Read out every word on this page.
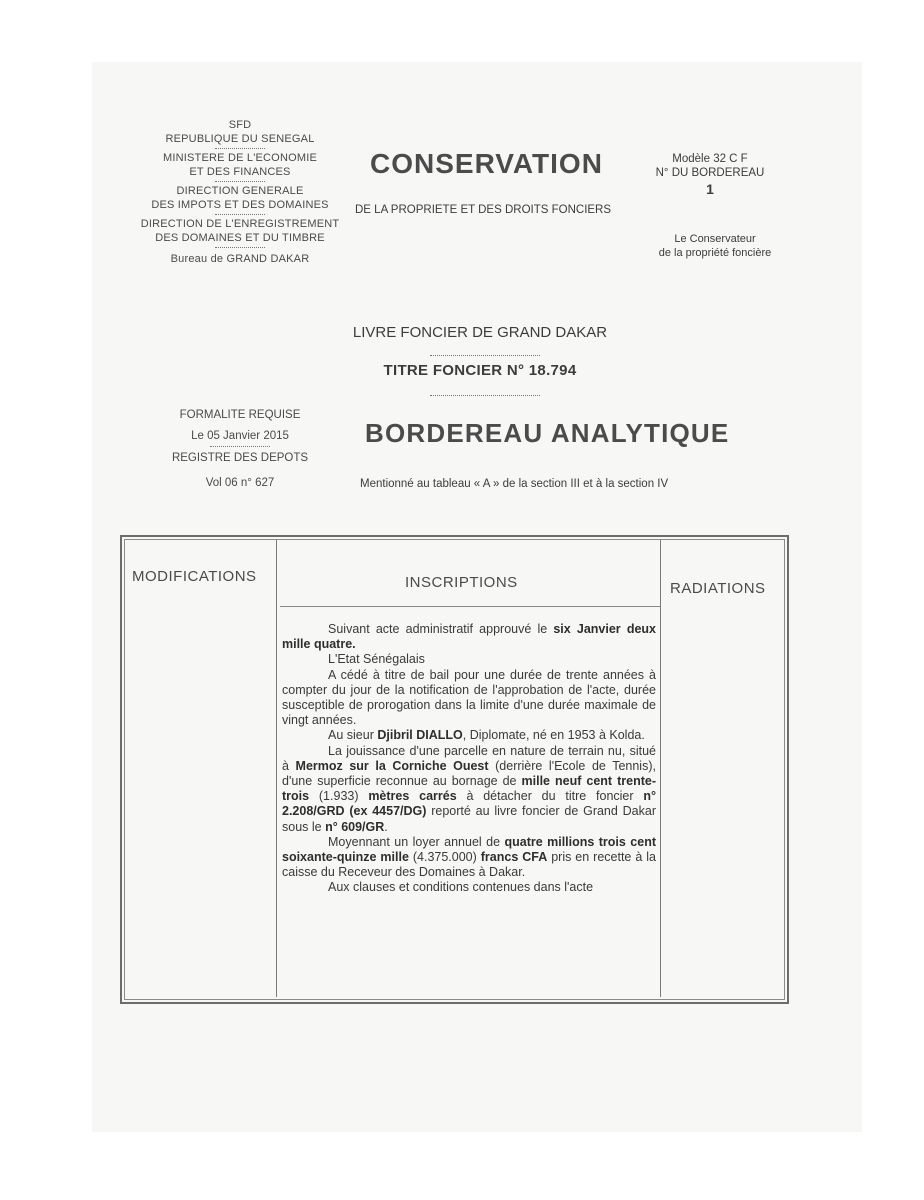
SFD
REPUBLIQUE DU SENEGAL
MINISTERE DE L'ECONOMIE
ET DES FINANCES
DIRECTION GENERALE
DES IMPOTS ET DES DOMAINES
DIRECTION DE L'ENREGISTREMENT
DES DOMAINES ET DU TIMBRE
Bureau de GRAND DAKAR
CONSERVATION
DE LA PROPRIETE ET DES DROITS FONCIERS
Modèle 32 C F
N° DU BORDEREAU
1
Le Conservateur
de la propriété foncière
LIVRE FONCIER DE GRAND DAKAR
TITRE FONCIER N° 18.794
FORMALITE REQUISE
Le 05 Janvier 2015
REGISTRE DES DEPOTS
Vol 06 n° 627
BORDEREAU ANALYTIQUE
Mentionné au tableau « A » de la section III et à la section IV
MODIFICATIONS	INSCRIPTIONS	RADIATIONS

Suivant acte administratif approuvé le six Janvier deux mille quatre.

L'Etat Sénégalais

A cédé à titre de bail pour une durée de trente années à compter du jour de la notification de l'approbation de l'acte, durée susceptible de prorogation dans la limite d'une durée maximale de vingt années.

Au sieur Djibril DIALLO, Diplomate, né en 1953 à Kolda.

La jouissance d'une parcelle en nature de terrain nu, situé à Mermoz sur la Corniche Ouest (derrière l'Ecole de Tennis), d'une superficie reconnue au bornage de mille neuf cent trente-trois (1.933) mètres carrés à détacher du titre foncier n° 2.208/GRD (ex 4457/DG) reporté au livre foncier de Grand Dakar sous le n° 609/GR.

Moyennant un loyer annuel de quatre millions trois cent soixante-quinze mille (4.375.000) francs CFA pris en recette à la caisse du Receveur des Domaines à Dakar.

Aux clauses et conditions contenues dans l'acte
